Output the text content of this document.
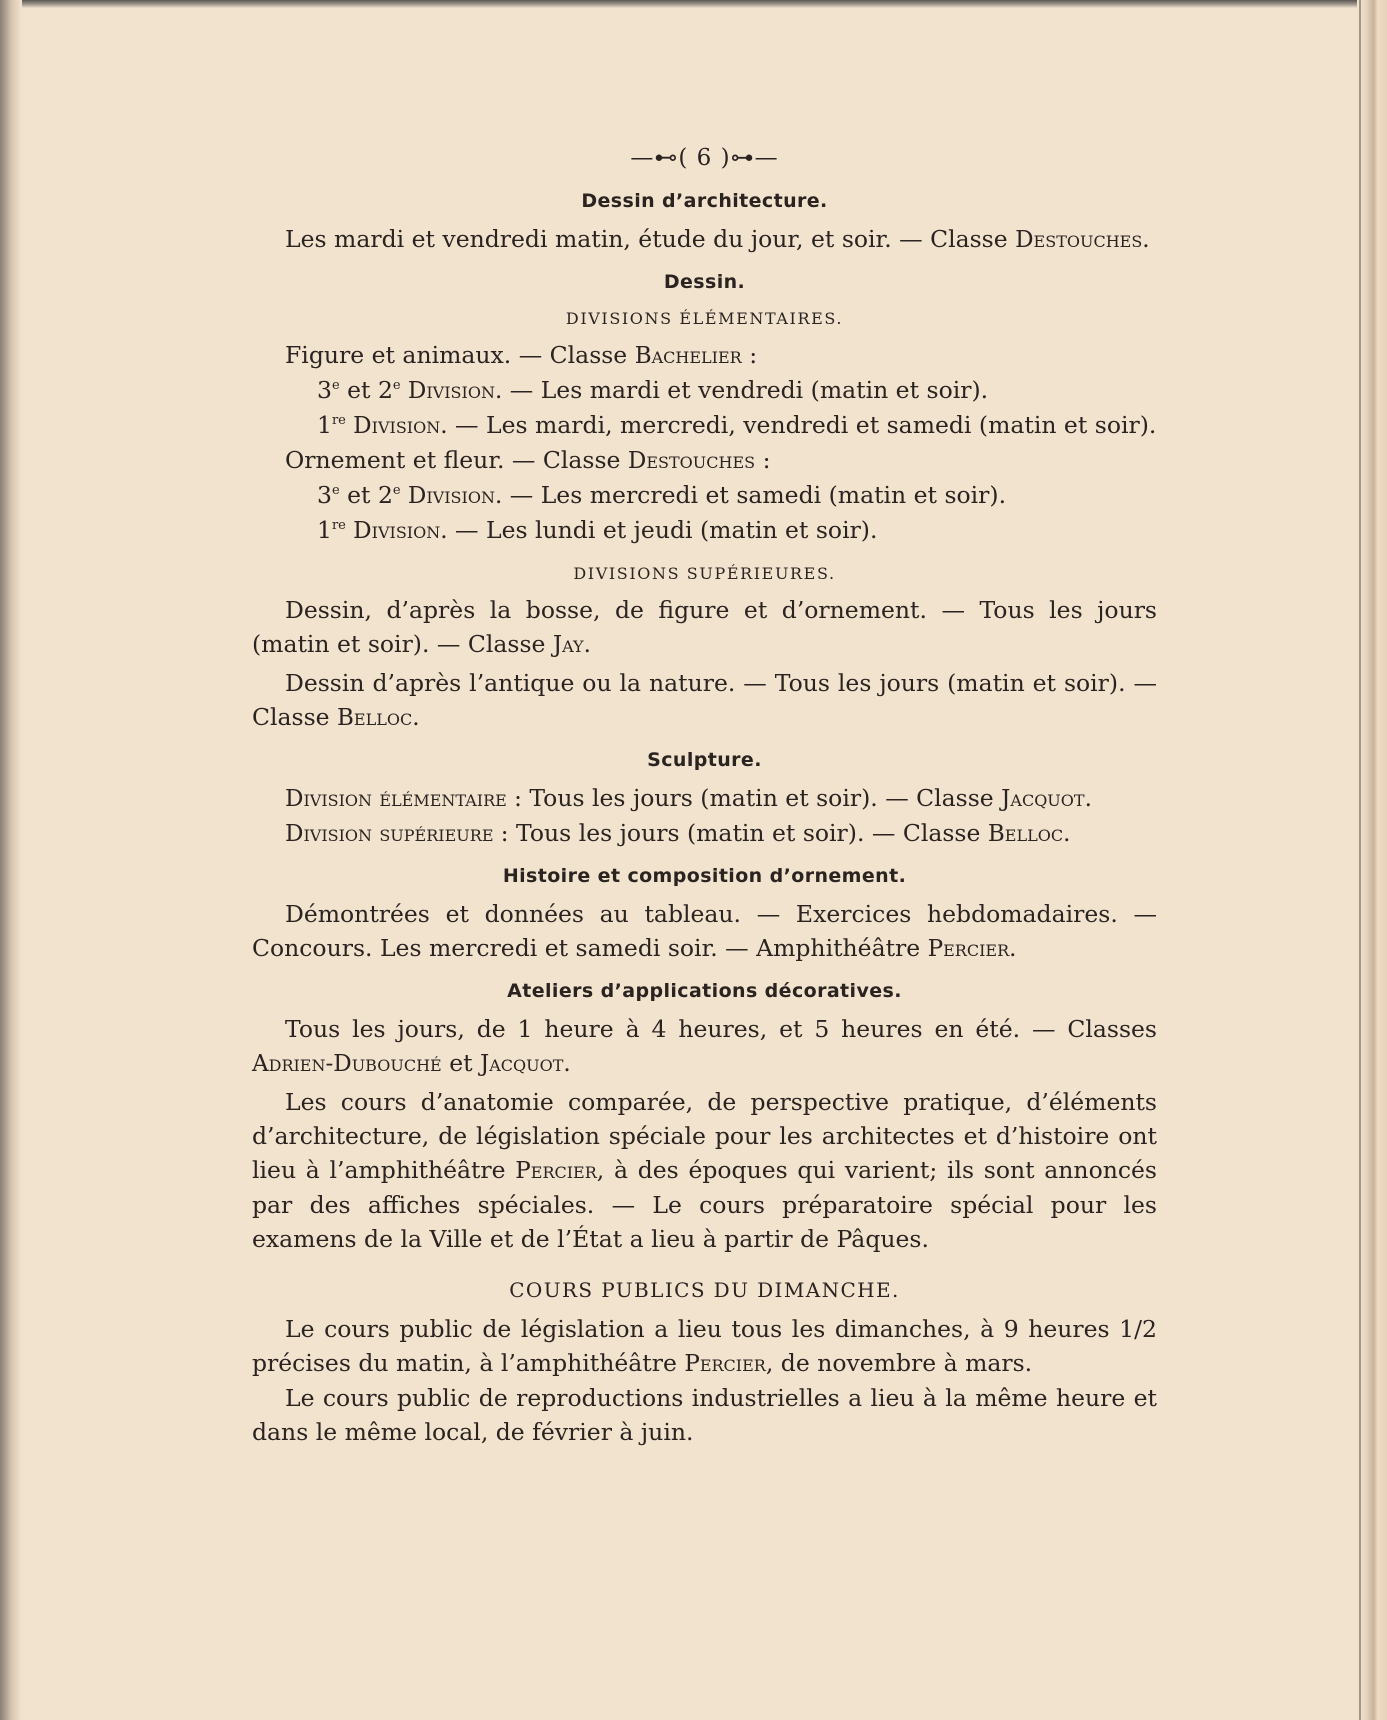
—⊷( 6 )⊶—
Dessin d’architecture.

Les mardi et vendredi matin, étude du jour, et soir. — Classe Destouches.

Dessin.
DIVISIONS ÉLÉMENTAIRES.

Figure et animaux. — Classe Bachelier :

3e et 2e Division. — Les mardi et vendredi (matin et soir).

1re Division. — Les mardi, mercredi, vendredi et samedi (matin et soir).

Ornement et fleur. — Classe Destouches :

3e et 2e Division. — Les mercredi et samedi (matin et soir).

1re Division. — Les lundi et jeudi (matin et soir).

DIVISIONS SUPÉRIEURES.

Dessin, d’après la bosse, de figure et d’ornement. — Tous les jours (matin et soir). — Classe Jay.

Dessin d’après l’antique ou la nature. — Tous les jours (matin et soir). — Classe Belloc.

Sculpture.

Division élémentaire : Tous les jours (matin et soir). — Classe Jacquot.

Division supérieure : Tous les jours (matin et soir). — Classe Belloc.

Histoire et composition d’ornement.

Démontrées et données au tableau. — Exercices hebdomadaires. — Concours. Les mercredi et samedi soir. — Amphithéâtre Percier.

Ateliers d’applications décoratives.

Tous les jours, de 1 heure à 4 heures, et 5 heures en été. — Classes Adrien-Dubouché et Jacquot.

Les cours d’anatomie comparée, de perspective pratique, d’éléments d’architecture, de législation spéciale pour les architectes et d’histoire ont lieu à l’amphithéâtre Percier, à des époques qui varient; ils sont annoncés par des affiches spéciales. — Le cours préparatoire spécial pour les examens de la Ville et de l’État a lieu à partir de Pâques.

COURS PUBLICS DU DIMANCHE.

Le cours public de législation a lieu tous les dimanches, à 9 heures 1/2 précises du matin, à l’amphithéâtre Percier, de novembre à mars.

Le cours public de reproductions industrielles a lieu à la même heure et dans le même local, de février à juin.
